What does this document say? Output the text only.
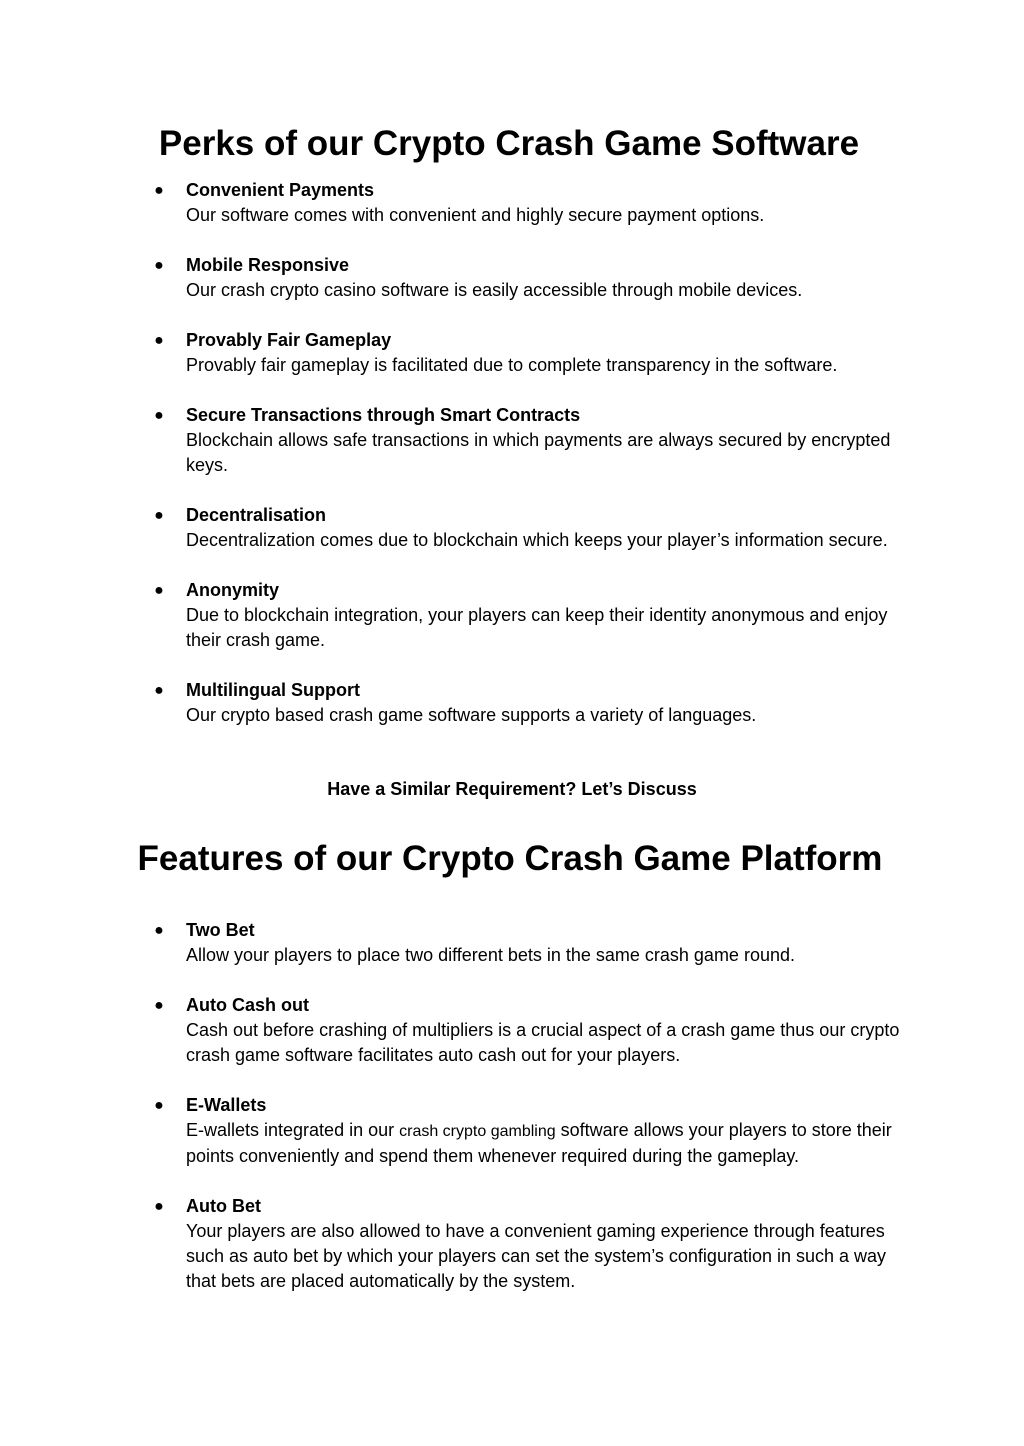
Perks of our Crypto Crash Game Software
● Convenient Payments
Our software comes with convenient and highly secure payment options.
● Mobile Responsive
Our crash crypto casino software is easily accessible through mobile devices.
● Provably Fair Gameplay
Provably fair gameplay is facilitated due to complete transparency in the software.
● Secure Transactions through Smart Contracts
Blockchain allows safe transactions in which payments are always secured by encrypted keys.
● Decentralisation
Decentralization comes due to blockchain which keeps your player’s information secure.
● Anonymity
Due to blockchain integration, your players can keep their identity anonymous and enjoy their crash game.
● Multilingual Support
Our crypto based crash game software supports a variety of languages.
Have a Similar Requirement? Let’s Discuss
Features of our Crypto Crash Game Platform
● Two Bet
Allow your players to place two different bets in the same crash game round.
● Auto Cash out
Cash out before crashing of multipliers is a crucial aspect of a crash game thus our crypto crash game software facilitates auto cash out for your players.
● E-Wallets
E-wallets integrated in our crash crypto gambling software allows your players to store their points conveniently and spend them whenever required during the gameplay.
● Auto Bet
Your players are also allowed to have a convenient gaming experience through features such as auto bet by which your players can set the system’s configuration in such a way that bets are placed automatically by the system.
